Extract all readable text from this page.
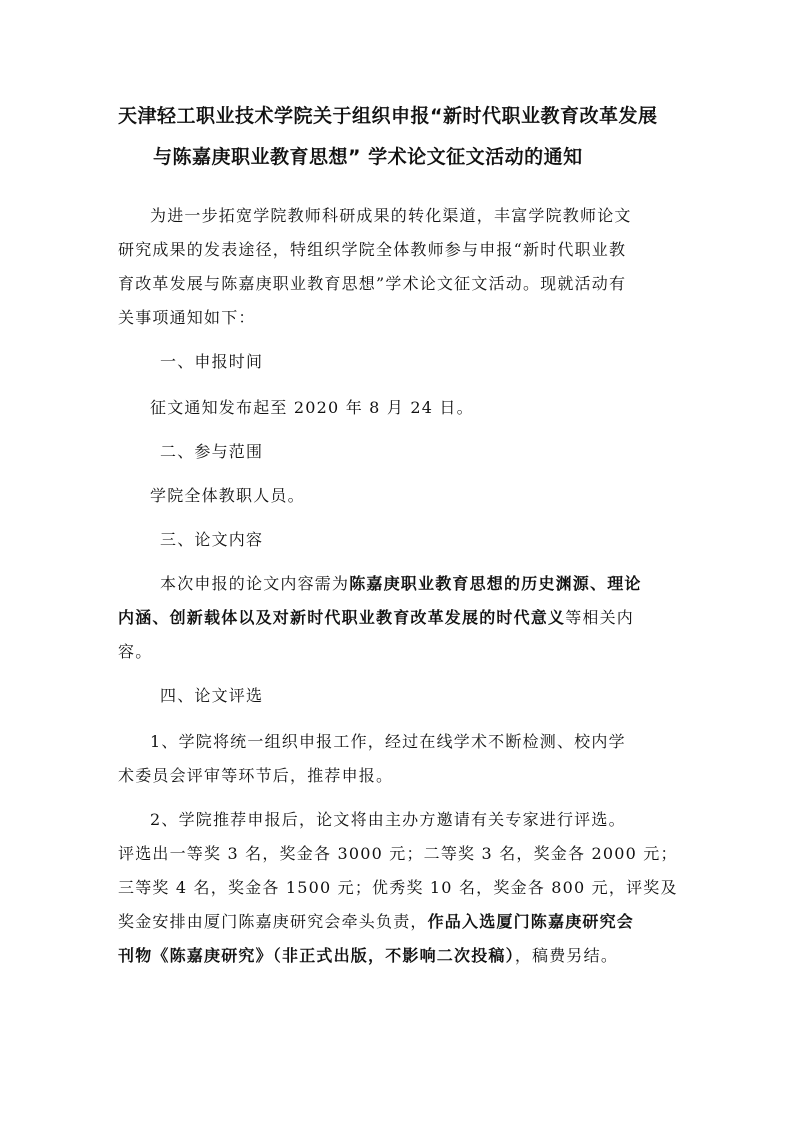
天津轻工职业技术学院关于组织申报“新时代职业教育改革发展
与陈嘉庚职业教育思想” 学术论文征文活动的通知
为进一步拓宽学院教师科研成果的转化渠道，丰富学院教师论文
研究成果的发表途径，特组织学院全体教师参与申报“新时代职业教
育改革发展与陈嘉庚职业教育思想”学术论文征文活动。现就活动有
关事项通知如下：
一、申报时间
征文通知发布起至 2020 年 8 月 24 日。
二、参与范围
学院全体教职人员。
三、论文内容
本次申报的论文内容需为陈嘉庚职业教育思想的历史渊源、理论
内涵、创新载体以及对新时代职业教育改革发展的时代意义等相关内
容。
四、论文评选
1、学院将统一组织申报工作，经过在线学术不断检测、校内学
术委员会评审等环节后，推荐申报。
2、学院推荐申报后，论文将由主办方邀请有关专家进行评选。
评选出一等奖 3 名，奖金各 3000 元；二等奖 3 名，奖金各 2000 元；
三等奖 4 名，奖金各 1500 元；优秀奖 10 名，奖金各 800 元，评奖及
奖金安排由厦门陈嘉庚研究会牵头负责，作品入选厦门陈嘉庚研究会
刊物《陈嘉庚研究》（非正式出版，不影响二次投稿），稿费另结。
